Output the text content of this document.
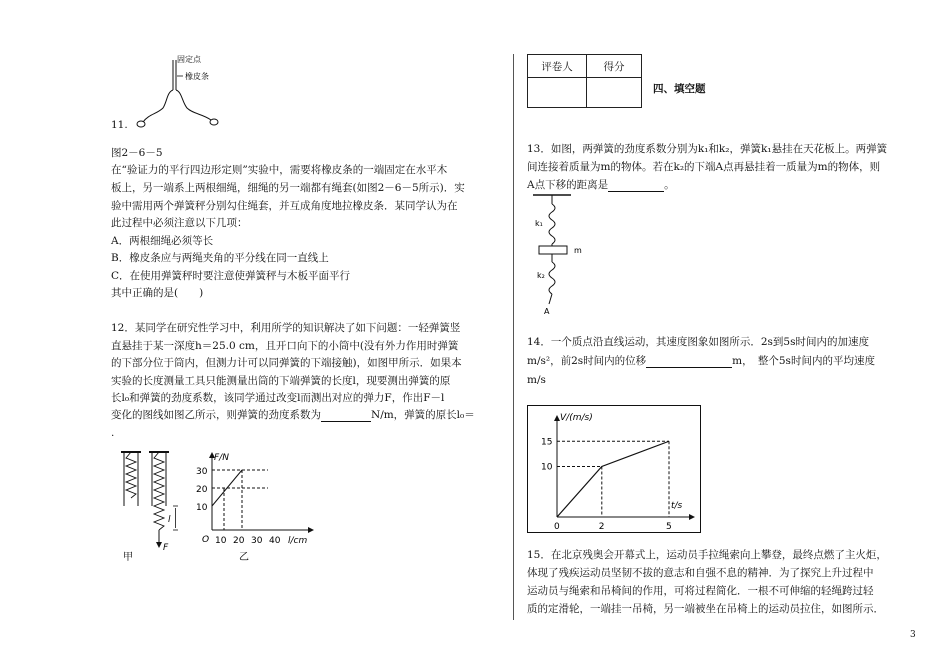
固定点
橡皮条
11.
图2－6－5
在“验证力的平行四边形定则”实验中，需要将橡皮条的一端固定在水平木
板上，另一端系上两根细绳，细绳的另一端都有绳套(如图2－6－5所示)．实
验中需用两个弹簧秤分别勾住绳套，并互成角度地拉橡皮条．某同学认为在
此过程中必须注意以下几项：
A．两根细绳必须等长
B．橡皮条应与两绳夹角的平分线在同一直线上
C．在使用弹簧秤时要注意使弹簧秤与木板平面平行
其中正确的是(　　)
12．某同学在研究性学习中，利用所学的知识解决了如下问题：一轻弹簧竖
直悬挂于某一深度h＝25.0 cm，且开口向下的小筒中(没有外力作用时弹簧
的下部分位于筒内，但测力计可以同弹簧的下端接触)，如图甲所示．如果本
实验的长度测量工具只能测量出筒的下端弹簧的长度l，现要测出弹簧的原
长l₀和弹簧的劲度系数，该同学通过改变l而测出对应的弹力F，作出F－l
变化的图线如图乙所示，则弹簧的劲度系数为	N/m，弹簧的原长l₀＝
.
l
F
甲
F/N
l/cm
O
30
20
10
10 20 30 40
乙
评卷人	得分

四、填空题
13．如图，两弹簧的劲度系数分别为k₁和k₂，弹簧k₁悬挂在天花板上。两弹簧
间连接着质量为m的物体。若在k₂的下端A点再悬挂着一质量为m的物体，则
A点下移的距离是	。
k₁
m
k₂
A
14．一个质点沿直线运动，其速度图象如图所示．2s到5s时间内的加速度
m/s²，前2s时间内的位移	m，　整个5s时间内的平均速度
m/s
V/(m/s)
t/s
0	2	5
10
15
15．在北京残奥会开幕式上，运动员手拉绳索向上攀登，最终点燃了主火炬，
体现了残疾运动员坚韧不拔的意志和自强不息的精神．为了探究上升过程中
运动员与绳索和吊椅间的作用，可将过程简化．一根不可伸缩的轻绳跨过轻
质的定滑轮，一端挂一吊椅，另一端被坐在吊椅上的运动员拉住，如图所示．
3
